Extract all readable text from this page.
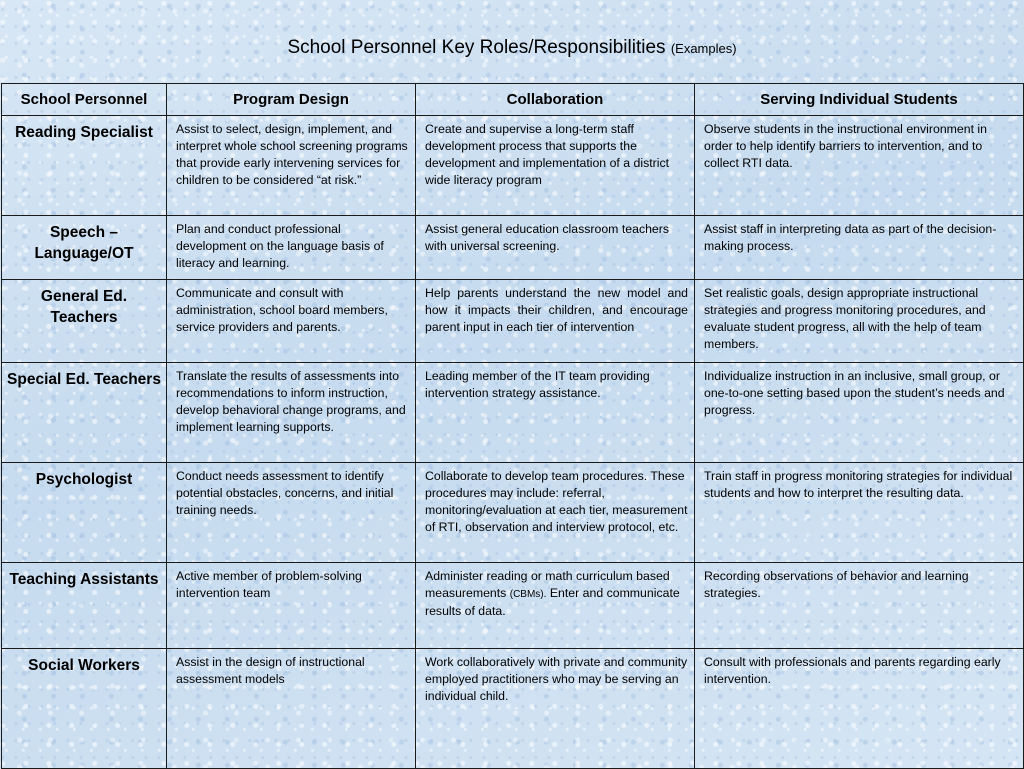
School Personnel Key Roles/Responsibilities (Examples)
School Personnel	Program Design	Collaboration	Serving Individual Students
Reading Specialist	Assist to select, design, implement, and interpret whole school screening programs that provide early intervening services for children to be considered “at risk.”	Create and supervise a long-term staff development process that supports the development and implementation of a district wide literacy program	Observe students in the instructional environment in order to help identify barriers to intervention, and to collect RTI data.
Speech – Language/OT	Plan and conduct professional development on the language basis of literacy and learning.	Assist general education classroom teachers with universal screening.	Assist staff in interpreting data as part of the decision-making process.
General Ed. Teachers	Communicate and consult with administration, school board members, service providers and parents.	Help parents understand the new model and how it impacts their children, and encourage parent input in each tier of intervention	Set realistic goals, design appropriate instructional strategies and progress monitoring procedures, and evaluate student progress, all with the help of team members.
Special Ed. Teachers	Translate the results of assessments into recommendations to inform instruction, develop behavioral change programs, and implement learning supports.	Leading member of the IT team providing intervention strategy assistance.	Individualize instruction in an inclusive, small group, or one-to-one setting based upon the student’s needs and progress.
Psychologist	Conduct needs assessment to identify potential obstacles, concerns, and initial training needs.	Collaborate to develop team procedures. These procedures may include: referral, monitoring/evaluation at each tier, measurement of RTI, observation and interview protocol, etc.	Train staff in progress monitoring strategies for individual students and how to interpret the resulting data.
Teaching Assistants	Active member of problem-solving intervention team	Administer reading or math curriculum based measurements (CBMs). Enter and communicate results of data.	Recording observations of behavior and learning strategies.
Social Workers	Assist in the design of instructional assessment models	Work collaboratively with private and community employed practitioners who may be serving an individual child.	Consult with professionals and parents regarding early intervention.
